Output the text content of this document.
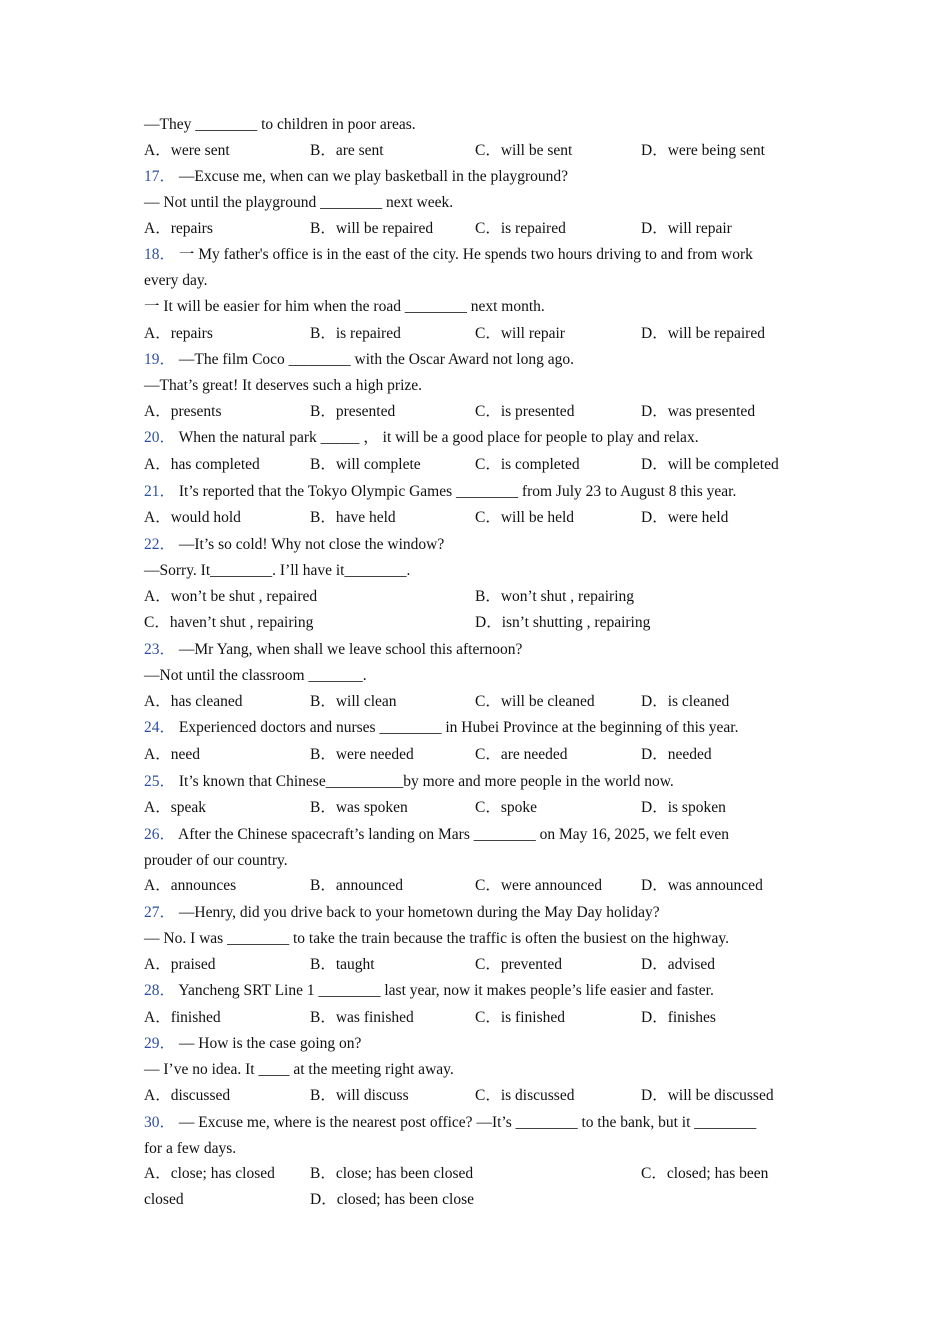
—They ________ to children in poor areas.
A．were sent	B．are sent	C．will be sent	D．were being sent
17． —Excuse me, when can we play basketball in the playground?
— Not until the playground ________ next week.
A．repairs	B．will be repaired	C．is repaired	D．will repair
18． 一 My father's office is in the east of the city. He spends two hours driving to and from work
every day.
一 It will be easier for him when the road ________ next month.
A．repairs	B．is repaired	C．will repair	D．will be repaired
19． —The film Coco ________ with the Oscar Award not long ago.
—That’s great! It deserves such a high prize.
A．presents	B．presented	C．is presented	D．was presented
20． When the natural park _____ ， it will be a good place for people to play and relax.
A．has completed	B．will complete	C．is completed	D．will be completed
21． It’s reported that the Tokyo Olympic Games ________ from July 23 to August 8 this year.
A．would hold	B．have held	C．will be held	D．were held
22． —It’s so cold! Why not close the window?
—Sorry. It________. I’ll have it________.
A．won’t be shut , repaired	B．won’t shut , repairing
C．haven’t shut , repairing	D．isn’t shutting , repairing
23． —Mr Yang, when shall we leave school this afternoon?
—Not until the classroom _______.
A．has cleaned	B．will clean	C．will be cleaned	D．is cleaned
24． Experienced doctors and nurses ________ in Hubei Province at the beginning of this year.
A．need	B．were needed	C．are needed	D．needed
25． It’s known that Chinese__________by more and more people in the world now.
A．speak	B．was spoken	C．spoke	D．is spoken
26． After the Chinese spacecraft’s landing on Mars ________ on May 16, 2025, we felt even
prouder of our country.
A．announces	B．announced	C．were announced	D．was announced
27． —Henry, did you drive back to your hometown during the May Day holiday?
— No. I was ________ to take the train because the traffic is often the busiest on the highway.
A．praised	B．taught	C．prevented	D．advised
28． Yancheng SRT Line 1 ________ last year, now it makes people’s life easier and faster.
A．finished	B．was finished	C．is finished	D．finishes
29． — How is the case going on?
— I’ve no idea. It ____ at the meeting right away.
A．discussed	B．will discuss	C．is discussed	D．will be discussed
30． — Excuse me, where is the nearest post office? —It’s ________ to the bank, but it ________
for a few days.
A．close; has closed B．close; has been closed	C．closed; has been
closed	D．closed; has been close
